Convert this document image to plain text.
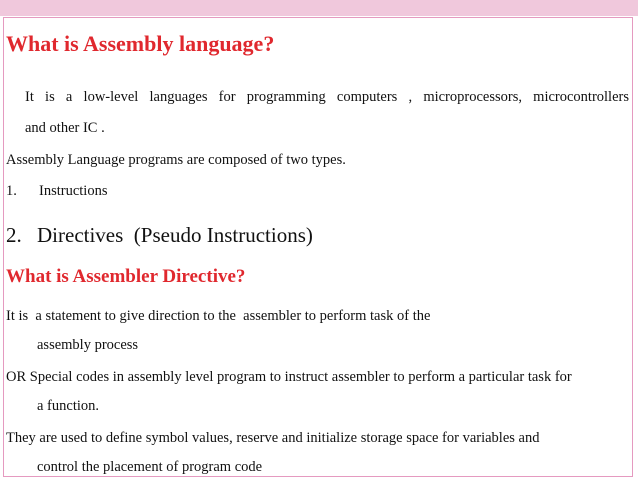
What is Assembly language?
It is a low-level languages for programming computers , microprocessors, microcontrollers
and other IC .
Assembly Language programs are composed of two types.
1. Instructions
2. Directives  (Pseudo Instructions)
What is Assembler Directive?
It is  a statement to give direction to the  assembler to perform task of the
assembly process
OR Special codes in assembly level program to instruct assembler to perform a particular task for
a function.
They are used to define symbol values, reserve and initialize storage space for variables and
control the placement of program code
